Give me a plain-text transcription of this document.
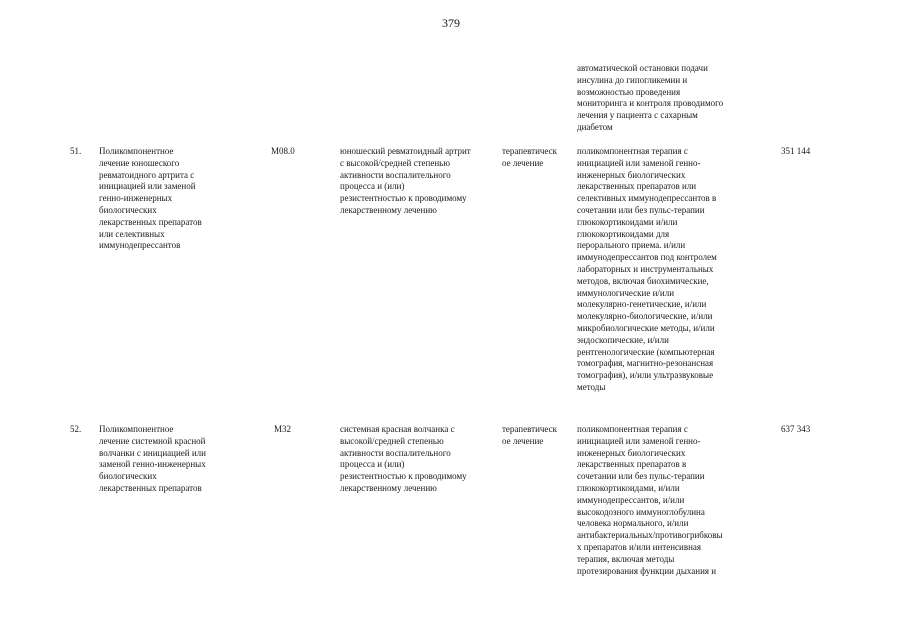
379
автоматической остановки подачи
инсулина до гипогликемии и
возможностью проведения
мониторинга и контроля проводимого
лечения у пациента с сахарным
диабетом
51. Поликомпонентное
лечение юношеского
ревматоидного артрита с
инициацией или заменой
генно-инженерных
биологических
лекарственных препаратов
или селективных
иммунодепрессантов
M08.0	юношеский ревматоидный артрит
с высокой/средней степенью
активности воспалительного
процесса и (или)
резистентностью к проводимому
лекарственному лечению
терапевтическ
ое лечение
поликомпонентная терапия с
инициацией или заменой генно-
инженерных биологических
лекарственных препаратов или
селективных иммунодепрессантов в
сочетании или без пульс-терапии
глюкокортикоидами и/или
глюкокортикоидами для
перорального приема. и/или
иммунодепрессантов под контролем
лабораторных и инструментальных
методов, включая биохимические,
иммунологические и/или
молекулярно-генетические, и/или
молекулярно-биологические, и/или
микробиологические методы, и/или
эндоскопические, и/или
рентгенологические (компьютерная
томография, магнитно-резонансная
томография), и/или ультразвуковые
методы
351 144
52. Поликомпонентное
лечение системной красной
волчанки с инициацией или
заменой генно-инженерных
биологических
лекарственных препаратов
M32	системная красная волчанка с
высокой/средней степенью
активности воспалительного
процесса и (или)
резистентностью к проводимому
лекарственному лечению
терапевтическ
ое лечение
поликомпонентная терапия с
инициацией или заменой генно-
инженерных биологических
лекарственных препаратов в
сочетании или без пульс-терапии
глюкокортикоидами, и/или
иммунодепрессантов, и/или
высокодозного иммуноглобулина
человека нормального, и/или
антибактериальных/противогрибковы
х препаратов и/или интенсивная
терапия, включая методы
протезирования функции дыхания и
637 343
